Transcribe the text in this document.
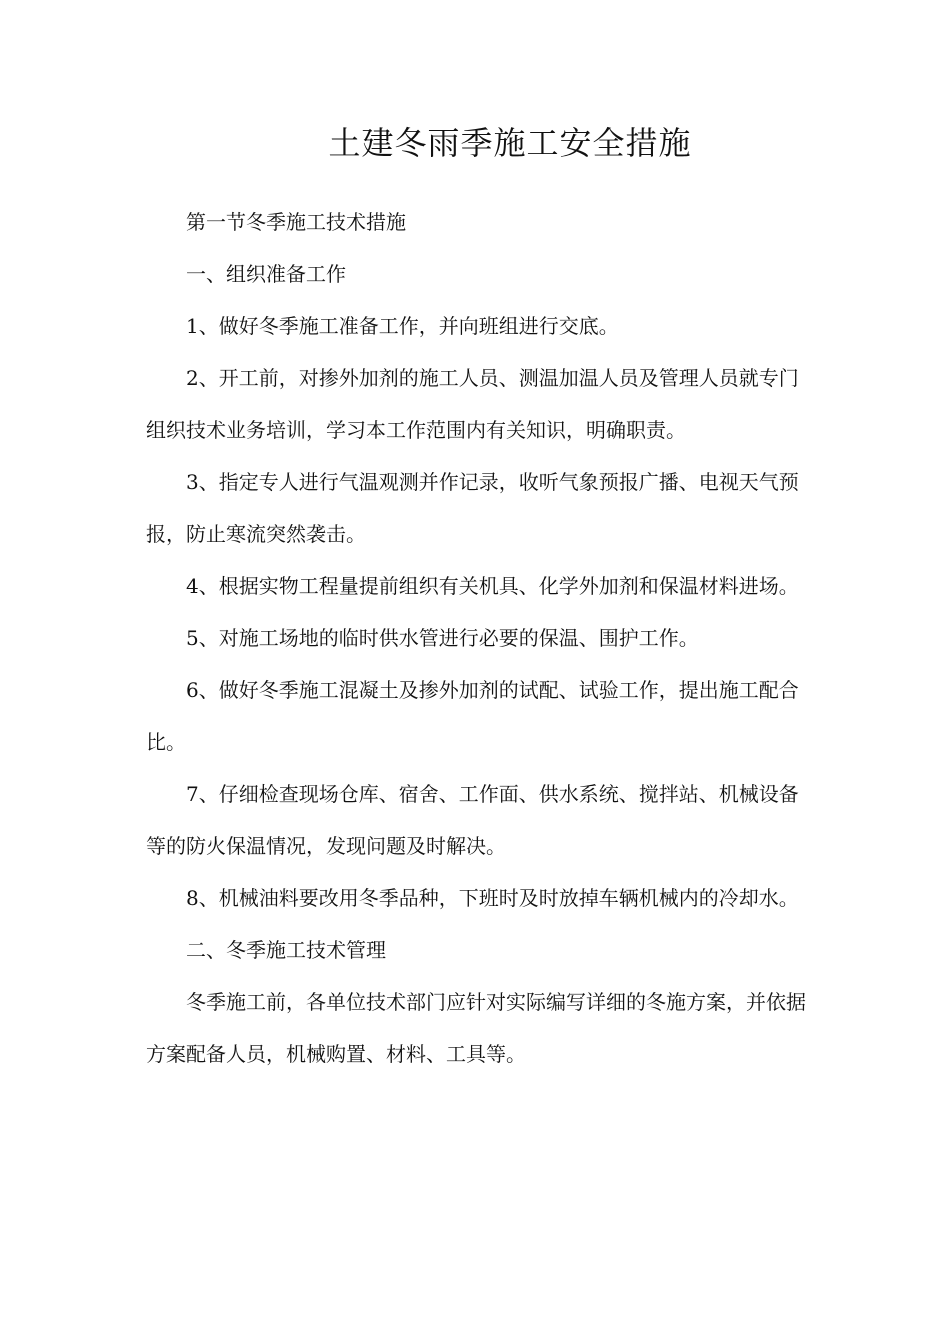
土建冬雨季施工安全措施

第一节冬季施工技术措施

一、组织准备工作

1、做好冬季施工准备工作，并向班组进行交底。

2、开工前，对掺外加剂的施工人员、测温加温人员及管理人员就专门组织技术业务培训，学习本工作范围内有关知识，明确职责。

3、指定专人进行气温观测并作记录，收听气象预报广播、电视天气预报，防止寒流突然袭击。

4、根据实物工程量提前组织有关机具、化学外加剂和保温材料进场。

5、对施工场地的临时供水管进行必要的保温、围护工作。

6、做好冬季施工混凝土及掺外加剂的试配、试验工作，提出施工配合比。

7、仔细检查现场仓库、宿舍、工作面、供水系统、搅拌站、机械设备等的防火保温情况，发现问题及时解决。

8、机械油料要改用冬季品种，下班时及时放掉车辆机械内的冷却水。

二、冬季施工技术管理

冬季施工前，各单位技术部门应针对实际编写详细的冬施方案，并依据方案配备人员，机械购置、材料、工具等。
